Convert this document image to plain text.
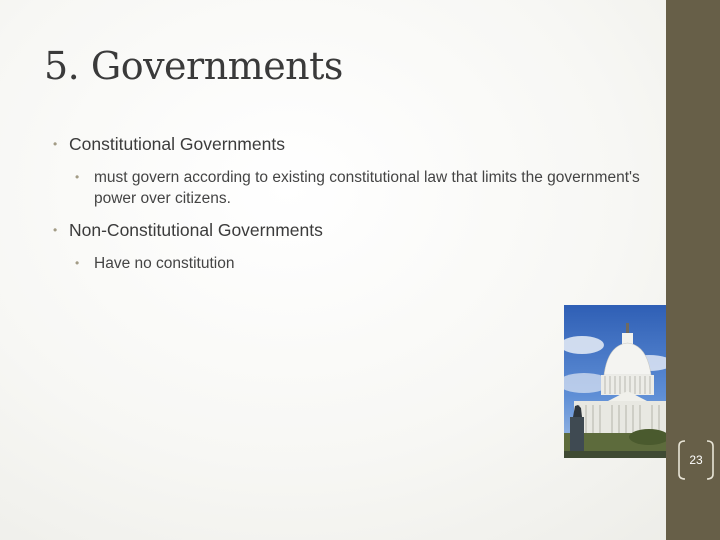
5. Governments
• Constitutional Governments
• must govern according to existing constitutional law that limits the government's power over citizens.
• Non-Constitutional Governments
• Have no constitution
23
